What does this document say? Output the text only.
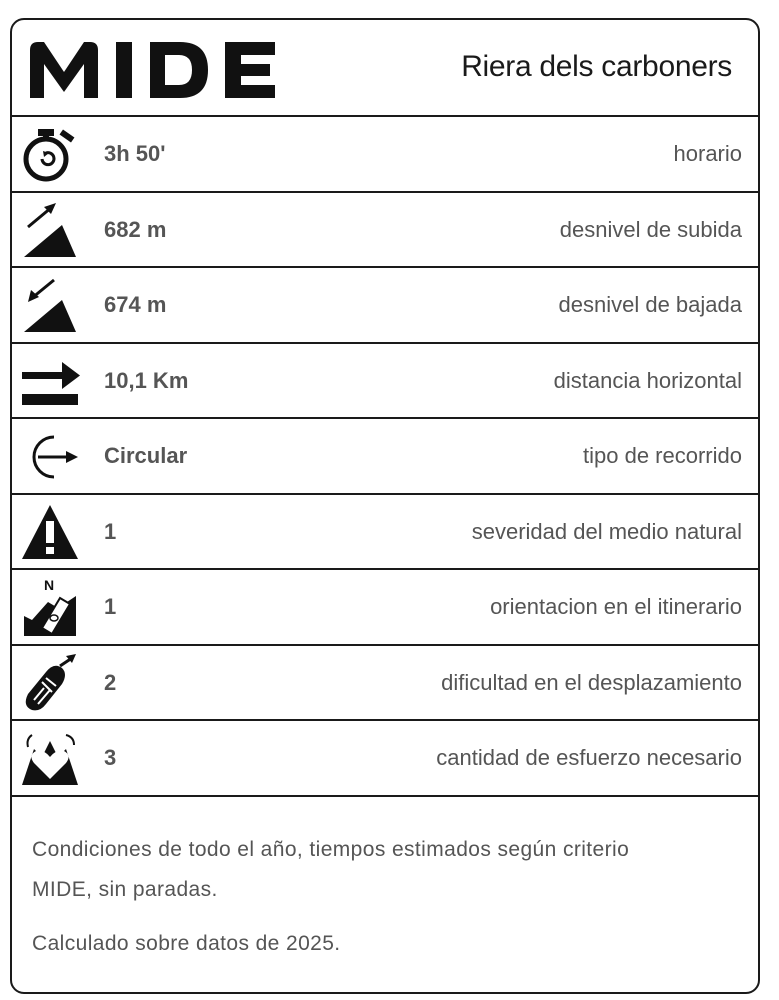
Riera dels carboners
3h 50'	horario
682 m	desnivel de subida
674 m	desnivel de bajada
10,1 Km	distancia horizontal
Circular	tipo de recorrido
1	severidad del medio natural
N
1	orientacion en el itinerario
2	dificultad en el desplazamiento
3	cantidad de esfuerzo necesario

Condiciones de todo el año, tiempos estimados según criterio MIDE, sin paradas.

Calculado sobre datos de 2025.
